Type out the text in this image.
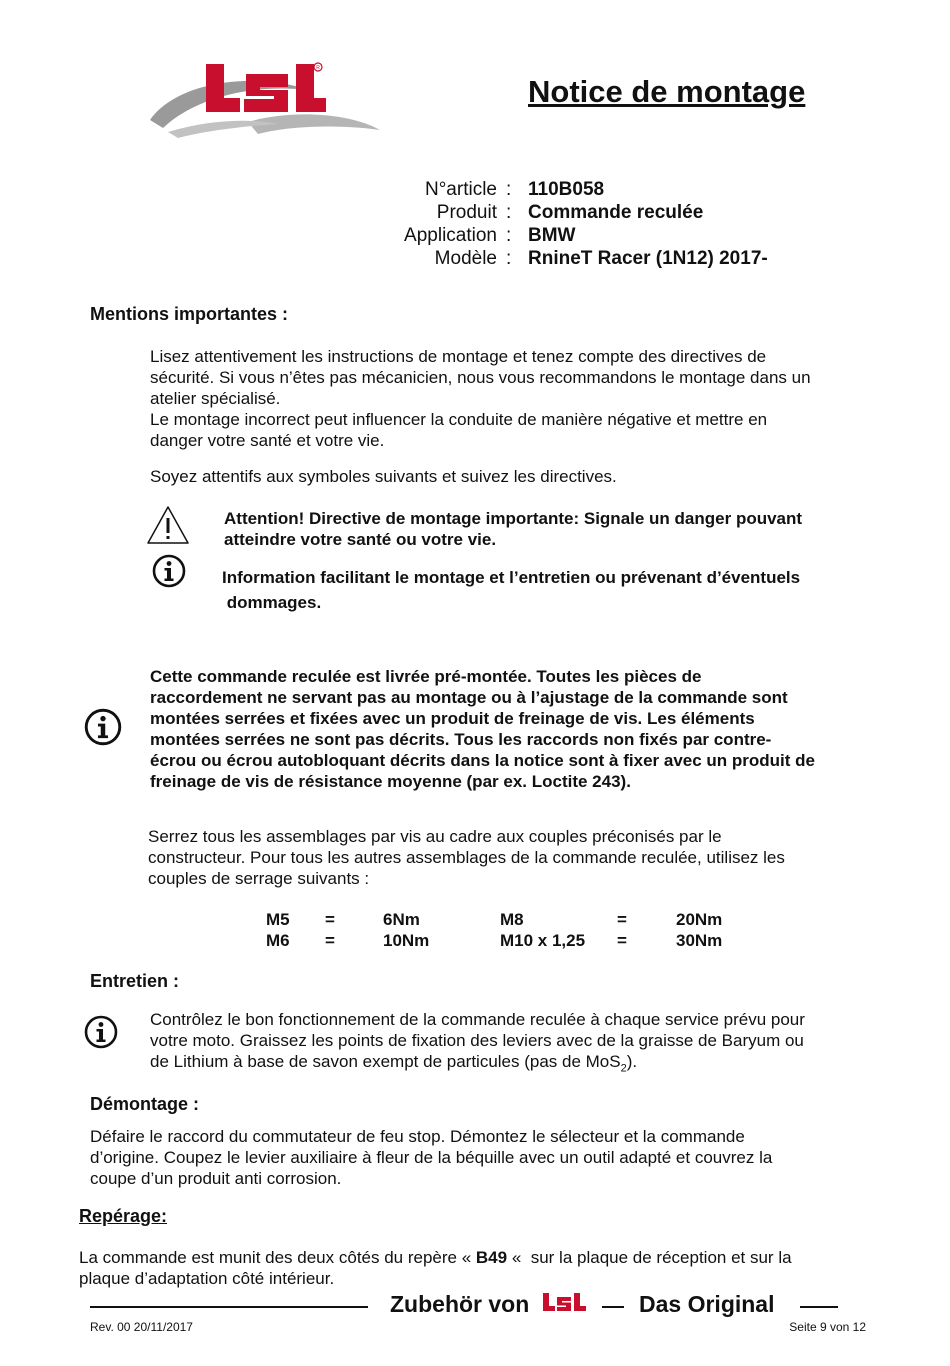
R
Notice de montage
N°article
Produit
Application
Modèle
:
:
:
:
110B058
Commande reculée
BMW
RnineT Racer (1N12) 2017-
Mentions importantes :
Lisez attentivement les instructions de montage et tenez compte des directives de
sécurité. Si vous n’êtes pas mécanicien, nous vous recommandons le montage dans un
atelier spécialisé.
Le montage incorrect peut influencer la conduite de manière négative et mettre en
danger votre santé et votre vie.
Soyez attentifs aux symboles suivants et suivez les directives.
Attention! Directive de montage importante: Signale un danger pouvant
atteindre votre santé ou votre vie.
Information facilitant le montage et l’entretien ou prévenant d’éventuels
dommages.
Cette commande reculée est livrée pré-montée. Toutes les pièces de
raccordement ne servant pas au montage ou à l’ajustage de la commande sont
montées serrées et fixées avec un produit de freinage de vis. Les éléments
montées serrées ne sont pas décrits. Tous les raccords non fixés par contre-
écrou ou écrou autobloquant décrits dans la notice sont à fixer avec un produit de
freinage de vis de résistance moyenne (par ex. Loctite 243).
Serrez tous les assemblages par vis au cadre aux couples préconisés par le
constructeur. Pour tous les autres assemblages de la commande reculée, utilisez les
couples de serrage suivants :
M5
M6
=
=
6Nm
10Nm
M8
M10 x 1,25
=
=
20Nm
30Nm
Entretien :
Contrôlez le bon fonctionnement de la commande reculée à chaque service prévu pour
votre moto. Graissez les points de fixation des leviers avec de la graisse de Baryum ou
de Lithium à base de savon exempt de particules (pas de MoS$_2$).
Démontage :
Défaire le raccord du commutateur de feu stop. Démontez le sélecteur et la commande
d’origine. Coupez le levier auxiliaire à fleur de la béquille avec un outil adapté et couvrez la
coupe d’un produit anti corrosion.
Repérage:
La commande est munit des deux côtés du repère « B49 «  sur la plaque de réception et sur la
plaque d’adaptation côté intérieur.
Zubehör von	Das Original
Rev. 00 20/11/2017	Seite 9 von 12
